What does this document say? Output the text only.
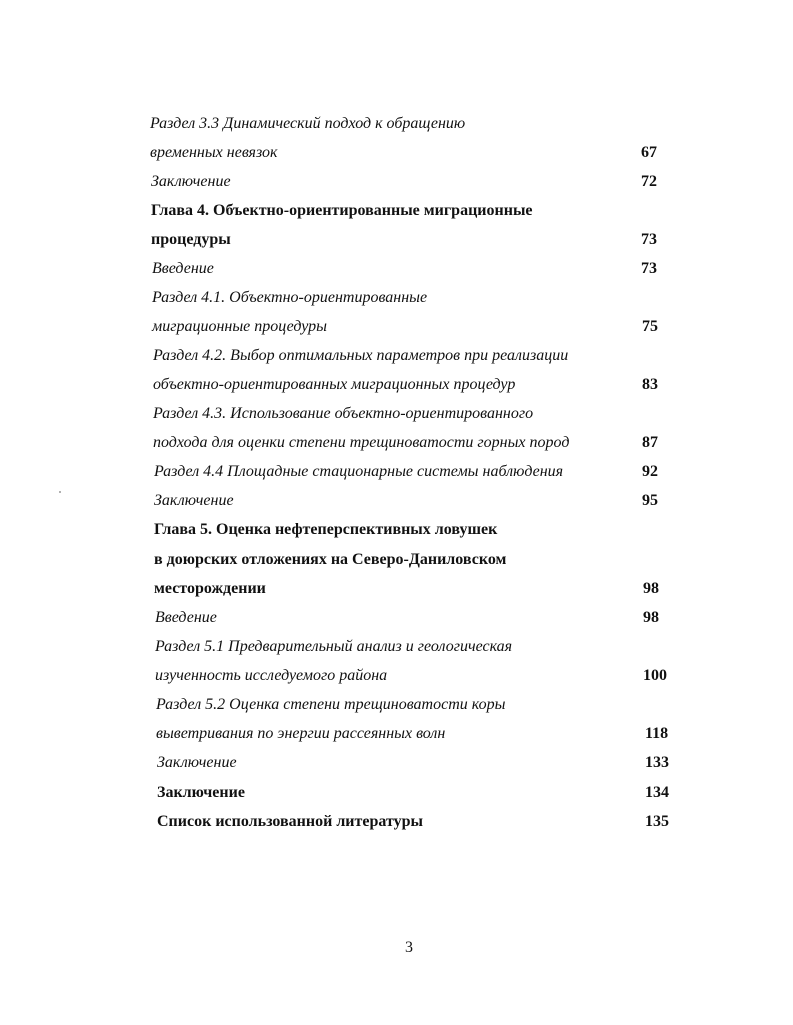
Раздел 3.3 Динамический подход к обращению
временных невязок
Заключение
Глава 4. Объектно-ориентированные миграционные
процедуры
Введение
Раздел 4.1. Объектно-ориентированные
миграционные процедуры
Раздел 4.2. Выбор оптимальных параметров при реализации
объектно-ориентированных миграционных процедур
Раздел 4.3. Использование объектно-ориентированного
подхода для оценки степени трещиноватости горных пород
Раздел 4.4 Площадные стационарные системы наблюдения
Заключение
Глава 5. Оценка нефтеперспективных ловушек
в доюрских отложениях на Северо-Даниловском
месторождении
Введение
Раздел 5.1 Предварительный анализ и геологическая
изученность исследуемого района
Раздел 5.2 Оценка степени трещиноватости коры
выветривания по энергии рассеянных волн
Заключение
Заключение
Список использованной литературы
67
72
73
73
75
83
87
92
95
98
98
100
118
133
134
135
3
